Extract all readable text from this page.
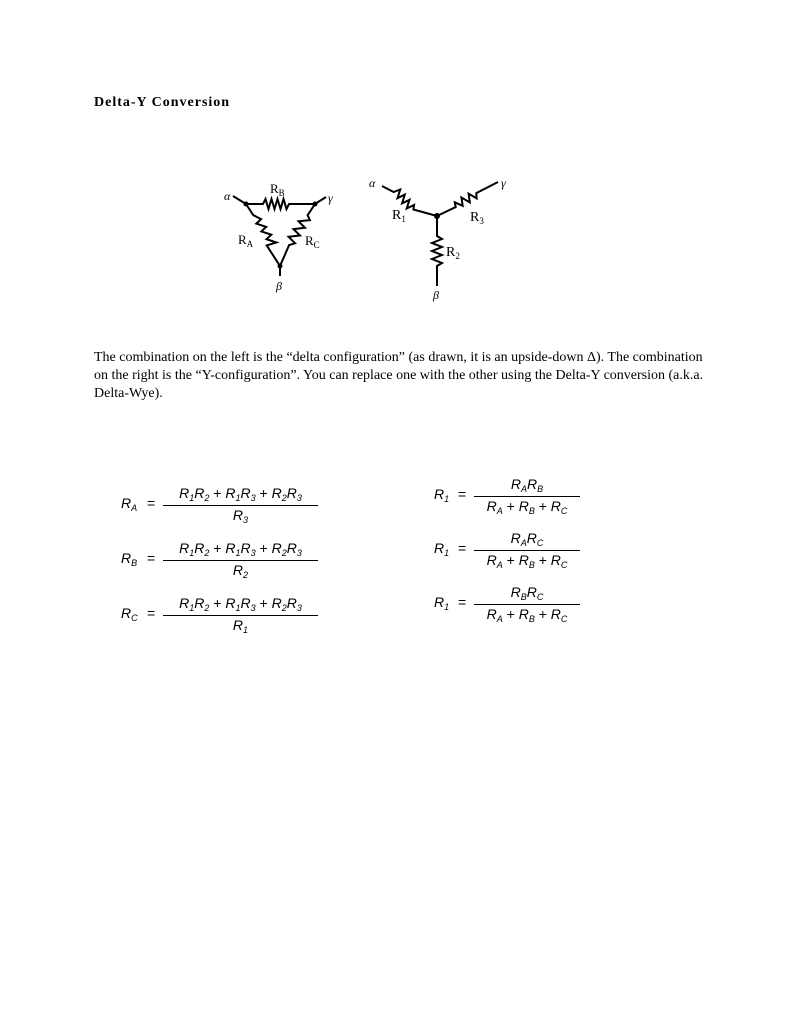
Delta-Y Conversion
α	γ
β
$R_B$
$R_A$	$R_C$
α	γ
β
$R_1$	$R_3$
$R_2$
The combination on the left is the “delta configuration” (as drawn, it is an upside-down Δ). The combination on the right is the “Y-configuration”. You can replace one with the other using the Delta-Y conversion (a.k.a. Delta-Wye).
$R_A = \frac{R_1R_2 + R_1R_3 + R_2R_3}{R_3}$
$R_B = \frac{R_1R_2 + R_1R_3 + R_2R_3}{R_2}$
$R_C = \frac{R_1R_2 + R_1R_3 + R_2R_3}{R_1}$
$R_1$ =
$R_AR_B$
$R_A + R_B + R_C$
$R_1$ =
$R_AR_C$
$R_A + R_B + R_C$
$R_1$ =
$R_BR_C$
$R_A + R_B + R_C$
